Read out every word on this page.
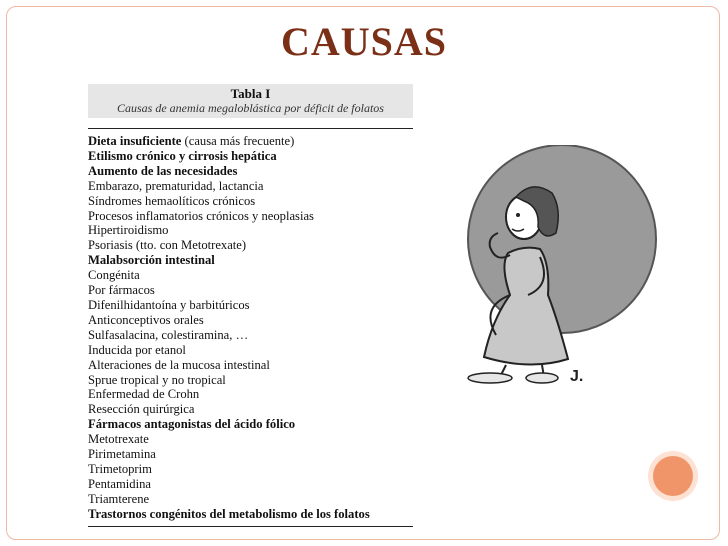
CAUSAS
Tabla I
Causas de anemia megaloblástica por déficit de folatos
Dieta insuficiente (causa más frecuente)
Etilismo crónico y cirrosis hepática
Aumento de las necesidades
Embarazo, prematuridad, lactancia
Síndromes hemaolíticos crónicos
Procesos inflamatorios crónicos y neoplasias
Hipertiroidismo
Psoriasis (tto. con Metotrexate)
Malabsorción intestinal
Congénita
Por fármacos
Difenilhidantoína y barbitúricos
Anticonceptivos orales
Sulfasalacina, colestiramina, …
Inducida por etanol
Alteraciones de la mucosa intestinal
Sprue tropical y no tropical
Enfermedad de Crohn
Resección quirúrgica
Fármacos antagonistas del ácido fólico
Metotrexate
Pirimetamina
Trimetoprim
Pentamidina
Triamterene
Trastornos congénitos del metabolismo de los folatos
J.
